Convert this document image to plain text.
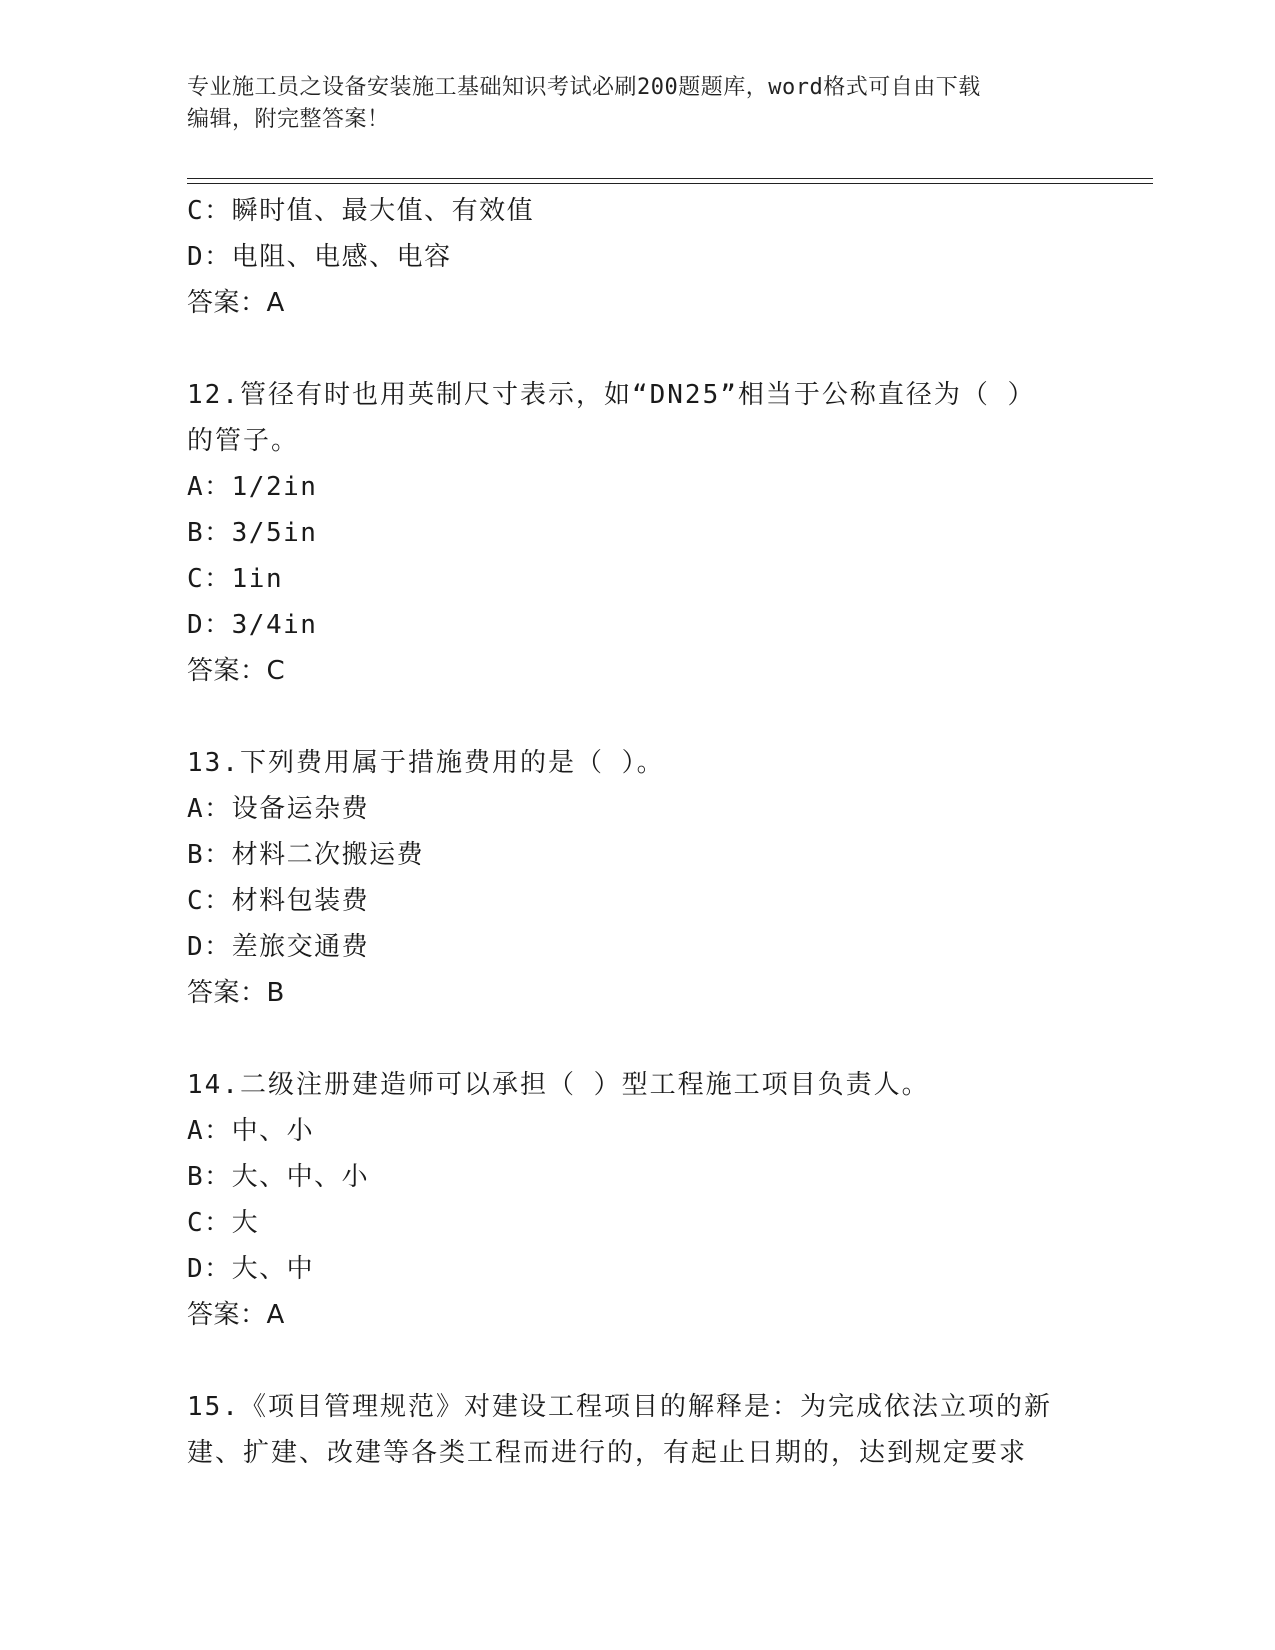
专业施工员之设备安装施工基础知识考试必刷200题题库，word格式可自由下载
编辑，附完整答案！
C：瞬时值、最大值、有效值
D：电阻、电感、电容
答案：A
12.管径有时也用英制尺寸表示，如“DN25”相当于公称直径为（ ）
的管子。
A：1/2in
B：3/5in
C：1in
D：3/4in
答案：C
13.下列费用属于措施费用的是（ ）。
A：设备运杂费
B：材料二次搬运费
C：材料包装费
D：差旅交通费
答案：B
14.二级注册建造师可以承担（ ）型工程施工项目负责人。
A：中、小
B：大、中、小
C：大
D：大、中
答案：A
15.《项目管理规范》对建设工程项目的解释是：为完成依法立项的新
建、扩建、改建等各类工程而进行的，有起止日期的，达到规定要求
